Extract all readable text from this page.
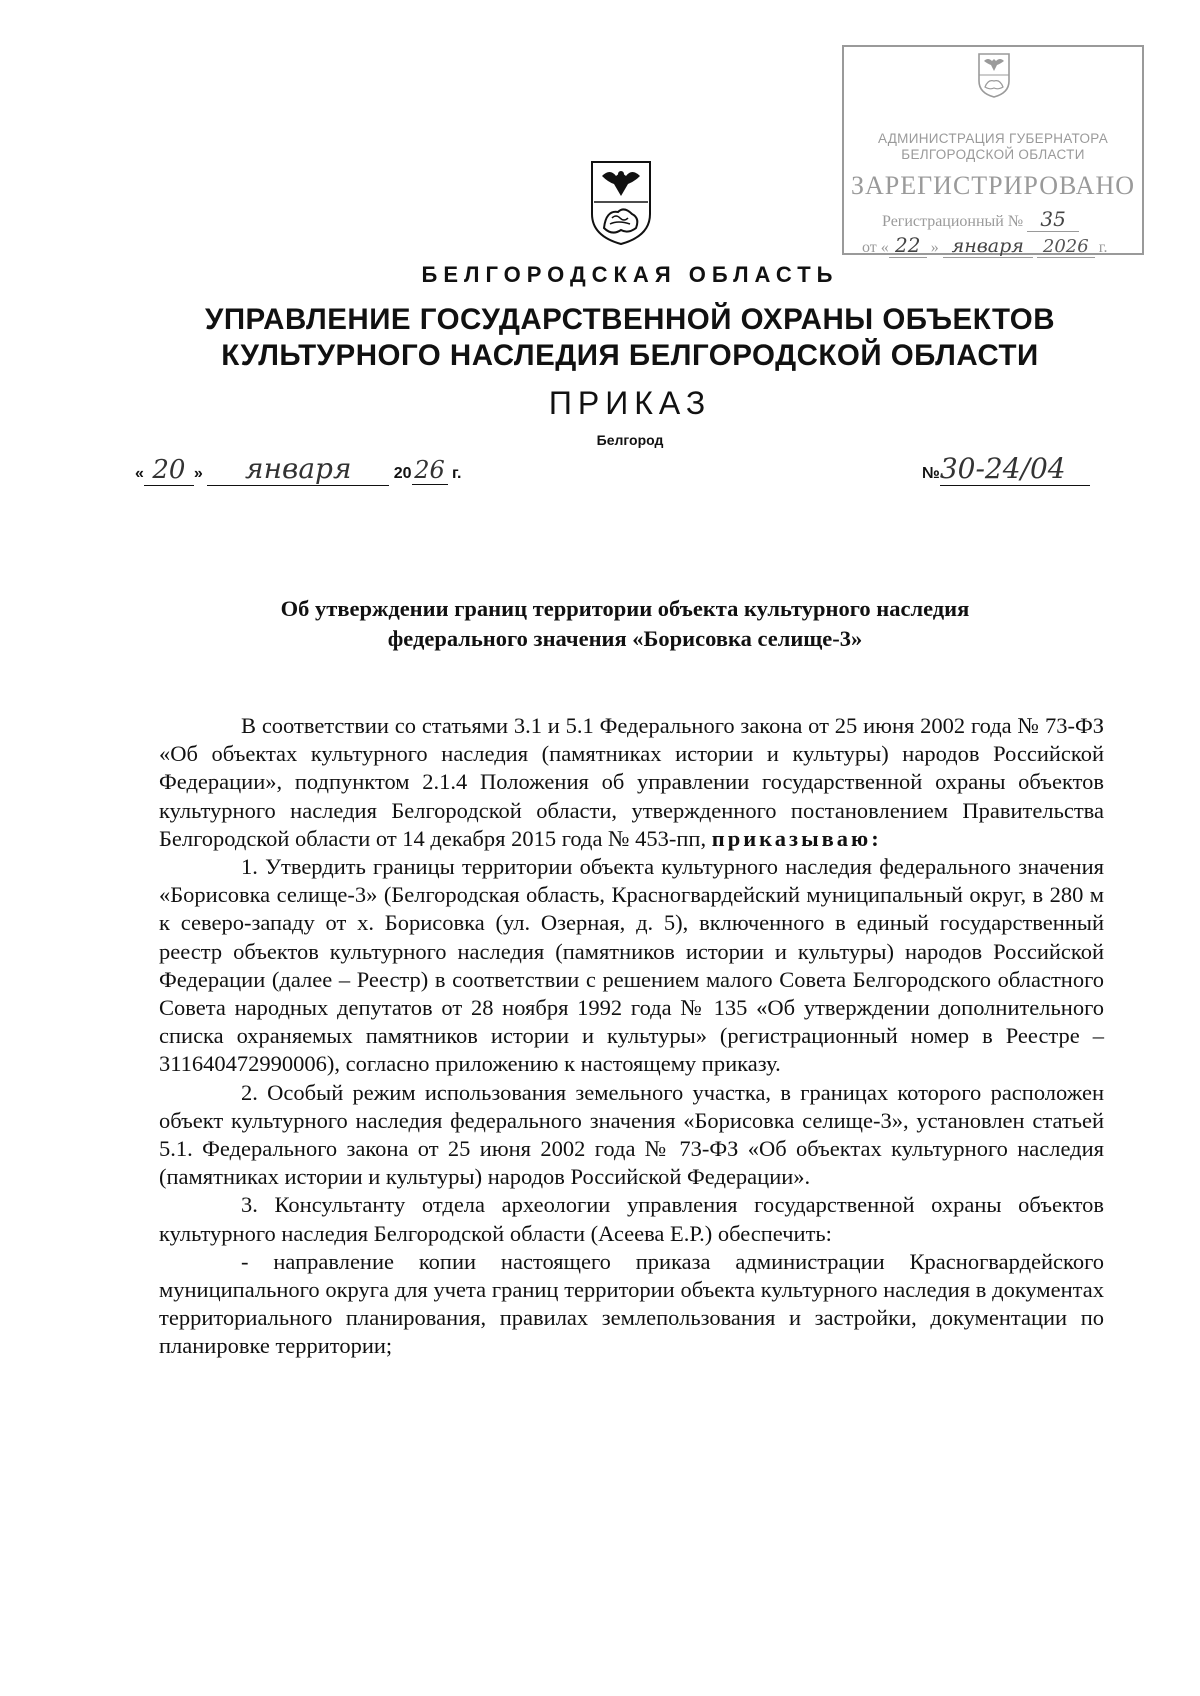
АДМИНИСТРАЦИЯ ГУБЕРНАТОРА
БЕЛГОРОДСКОЙ ОБЛАСТИ
ЗАРЕГИСТРИРОВАНО
Регистрационный № 35
от « 22 » января 2026 г.
БЕЛГОРОДСКАЯ ОБЛАСТЬ
УПРАВЛЕНИЕ ГОСУДАРСТВЕННОЙ ОХРАНЫ ОБЪЕКТОВ
КУЛЬТУРНОГО НАСЛЕДИЯ БЕЛГОРОДСКОЙ ОБЛАСТИ
ПРИКАЗ
Белгород
« 20 » января	20 26 г.	№30-24/04
Об утверждении границ территории объекта культурного наследия
федерального значения «Борисовка селище-3»

В соответствии со статьями 3.1 и 5.1 Федерального закона от 25 июня 2002 года № 73-ФЗ «Об объектах культурного наследия (памятниках истории и культуры) народов Российской Федерации», подпунктом 2.1.4 Положения об управлении государственной охраны объектов культурного наследия Белгородской области, утвержденного постановлением Правительства Белгородской области от 14 декабря 2015 года № 453-пп, приказываю:

1. Утвердить границы территории объекта культурного наследия федерального значения «Борисовка селище-3» (Белгородская область, Красногвардейский муниципальный округ, в 280 м к северо-западу от х. Борисовка (ул. Озерная, д. 5), включенного в единый государственный реестр объектов культурного наследия (памятников истории и культуры) народов Российской Федерации (далее – Реестр) в соответствии с решением малого Совета Белгородского областного Совета народных депутатов от 28 ноября 1992 года № 135 «Об утверждении дополнительного списка охраняемых памятников истории и культуры» (регистрационный номер в Реестре – 311640472990006), согласно приложению к настоящему приказу.

2. Особый режим использования земельного участка, в границах которого расположен объект культурного наследия федерального значения «Борисовка селище-3», установлен статьей 5.1. Федерального закона от 25 июня 2002 года № 73-ФЗ «Об объектах культурного наследия (памятниках истории и культуры) народов Российской Федерации».

3. Консультанту отдела археологии управления государственной охраны объектов культурного наследия Белгородской области (Асеева Е.Р.) обеспечить:

- направление копии настоящего приказа администрации Красногвардейского муниципального округа для учета границ территории объекта культурного наследия в документах территориального планирования, правилах землепользования и застройки, документации по планировке территории;
